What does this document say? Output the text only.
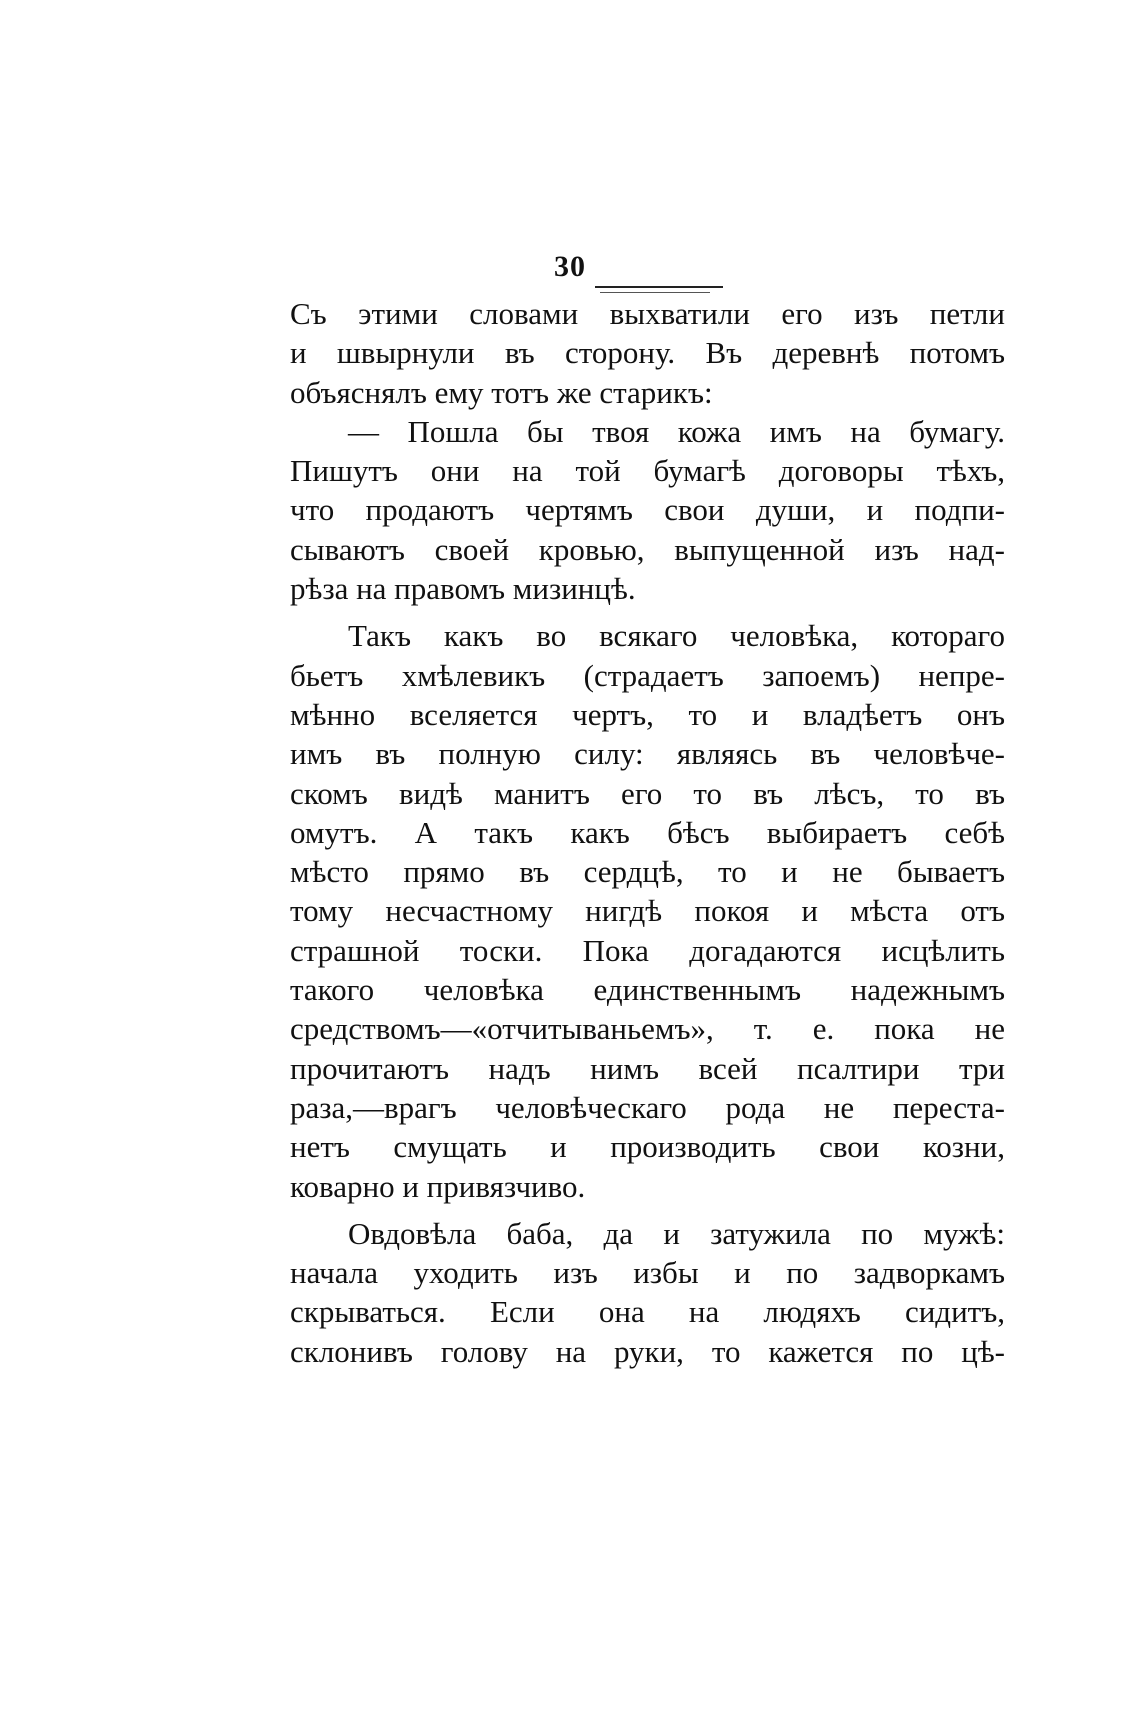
30
Съ этими словами выхватили его изъ петли
и швырнули въ сторону. Въ деревнѣ потомъ
объяснялъ ему тотъ же старикъ:
— Пошла бы твоя кожа имъ на бумагу.
Пишутъ они на той бумагѣ договоры тѣхъ,
что продаютъ чертямъ свои души, и подпи-
сываютъ своей кровью, выпущенной изъ над-
рѣза на правомъ мизинцѣ.
Такъ какъ во всякаго человѣка, котораго
бьетъ хмѣлевикъ (страдаетъ запоемъ) непре-
мѣнно вселяется чертъ, то и владѣетъ онъ
имъ въ полную силу: являясь въ человѣче-
скомъ видѣ манитъ его то въ лѣсъ, то въ
омутъ. А такъ какъ бѣсъ выбираетъ себѣ
мѣсто прямо въ сердцѣ, то и не бываетъ
тому несчастному нигдѣ покоя и мѣста отъ
страшной тоски. Пока догадаются исцѣлить
такого человѣка единственнымъ надежнымъ
средствомъ—«отчитываньемъ», т. е. пока не
прочитаютъ надъ нимъ всей псалтири три
раза,—врагъ человѣческаго рода не переста-
нетъ смущать и производить свои козни,
коварно и привязчиво.
Овдовѣла баба, да и затужила по мужѣ:
начала уходить изъ избы и по задворкамъ
скрываться. Если она на людяхъ сидитъ,
склонивъ голову на руки, то кажется по цѣ-
